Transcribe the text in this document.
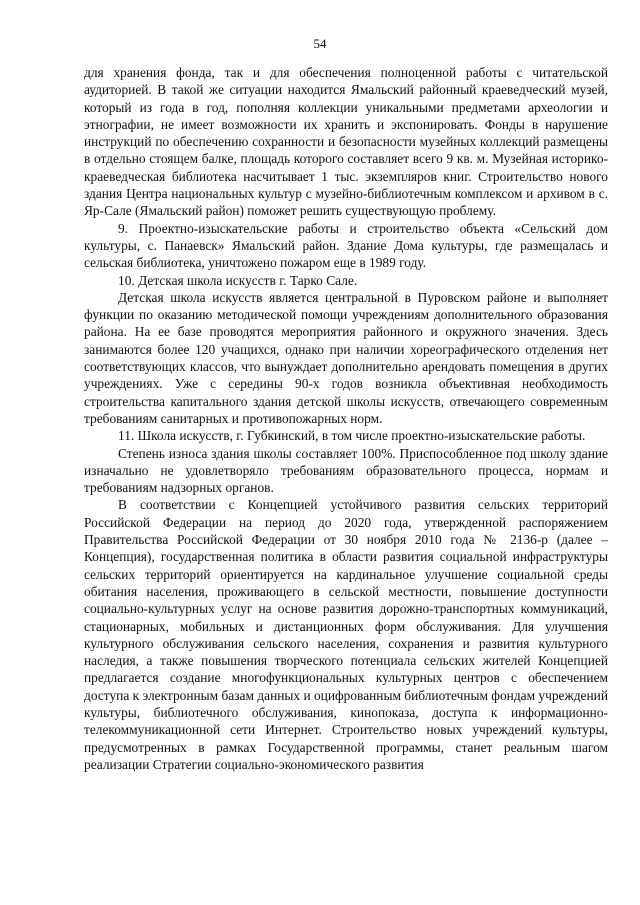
54

для хранения фонда, так и для обеспечения полноценной работы с читательской аудиторией. В такой же ситуации находится Ямальский районный краеведческий музей, который из года в год, пополняя коллекции уникальными предметами археологии и этнографии, не имеет возможности их хранить и экспонировать. Фонды в нарушение инструкций по обеспечению сохранности и безопасности музейных коллекций размещены в отдельно стоящем балке, площадь которого составляет всего 9 кв. м. Музейная историко-краеведческая библиотека насчитывает 1 тыс. экземпляров книг. Строительство нового здания Центра национальных культур с музейно-библиотечным комплексом и архивом в с. Яр-Сале (Ямальский район) поможет решить существующую проблему.

9. Проектно-изыскательские работы и строительство объекта «Сельский дом культуры, с. Панаевск» Ямальский район. Здание Дома культуры, где размещалась и сельская библиотека, уничтожено пожаром еще в 1989 году.

10. Детская школа искусств г. Тарко Сале.

Детская школа искусств является центральной в Пуровском районе и выполняет функции по оказанию методической помощи учреждениям дополнительного образования района. На ее базе проводятся мероприятия районного и окружного значения. Здесь занимаются более 120 учащихся, однако при наличии хореографического отделения нет соответствующих классов, что вынуждает дополнительно арендовать помещения в других учреждениях. Уже с середины 90-х годов возникла объективная необходимость строительства капитального здания детской школы искусств, отвечающего современным требованиям санитарных и противопожарных норм.

11. Школа искусств, г. Губкинский, в том числе проектно-изыскательские работы.

Степень износа здания школы составляет 100%. Приспособленное под школу здание изначально не удовлетворяло требованиям образовательного процесса, нормам и требованиям надзорных органов.

В соответствии с Концепцией устойчивого развития сельских территорий Российской Федерации на период до 2020 года, утвержденной распоряжением Правительства Российской Федерации от 30 ноября 2010 года № 2136-р (далее – Концепция), государственная политика в области развития социальной инфраструктуры сельских территорий ориентируется на кардинальное улучшение социальной среды обитания населения, проживающего в сельской местности, повышение доступности социально-культурных услуг на основе развития дорожно-транспортных коммуникаций, стационарных, мобильных и дистанционных форм обслуживания. Для улучшения культурного обслуживания сельского населения, сохранения и развития культурного наследия, а также повышения творческого потенциала сельских жителей Концепцией предлагается создание многофункциональных культурных центров с обеспечением доступа к электронным базам данных и оцифрованным библиотечным фондам учреждений культуры, библиотечного обслуживания, кинопоказа, доступа к информационно-телекоммуникационной сети Интернет. Строительство новых учреждений культуры, предусмотренных в рамках Государственной программы, станет реальным шагом реализации Стратегии социально-экономического развития
